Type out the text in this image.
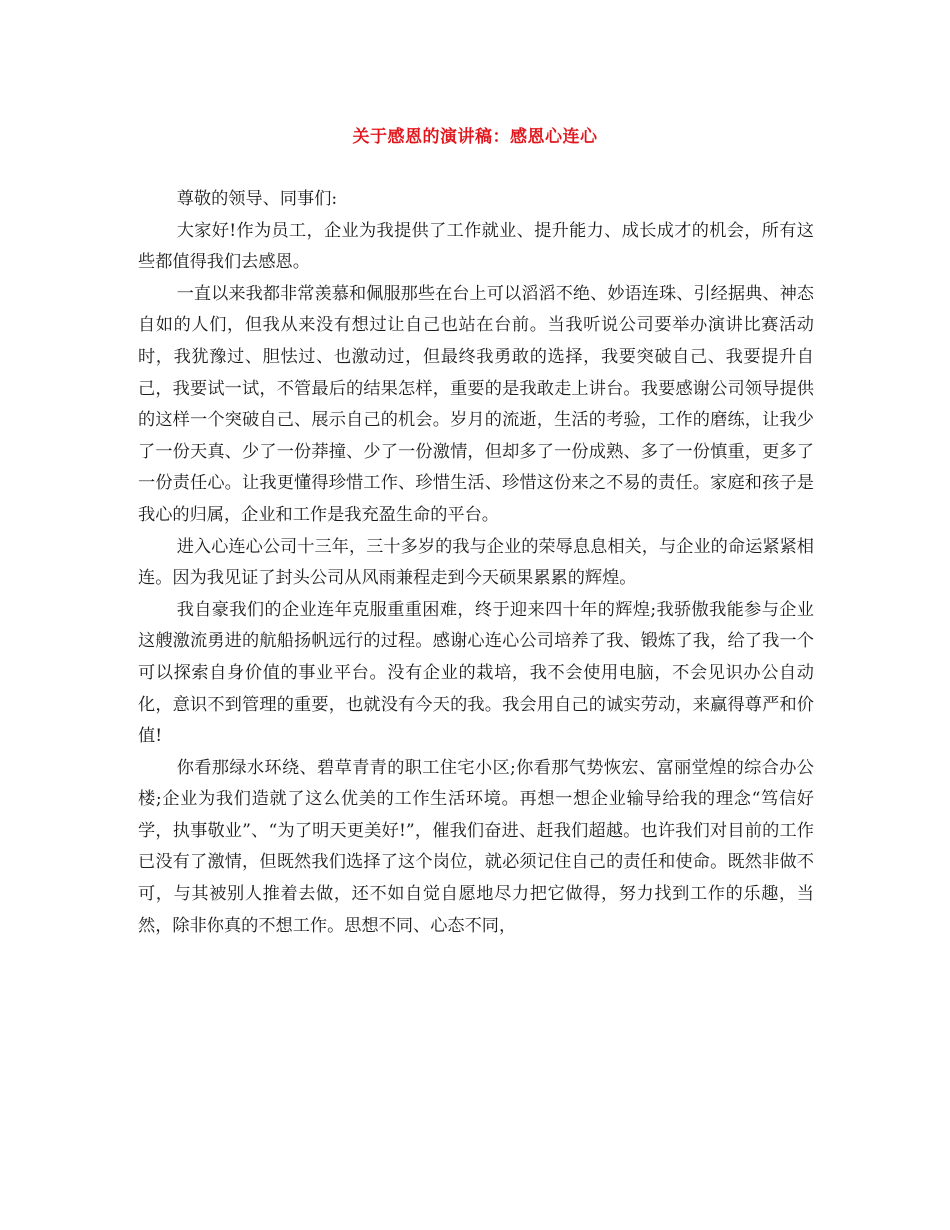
关于感恩的演讲稿：感恩心连心

尊敬的领导、同事们:

大家好!作为员工，企业为我提供了工作就业、提升能力、成长成才的机会，所有这些都值得我们去感恩。

一直以来我都非常羡慕和佩服那些在台上可以滔滔不绝、妙语连珠、引经据典、神态自如的人们，但我从来没有想过让自己也站在台前。当我听说公司要举办演讲比赛活动时，我犹豫过、胆怯过、也激动过，但最终我勇敢的选择，我要突破自己、我要提升自己，我要试一试，不管最后的结果怎样，重要的是我敢走上讲台。我要感谢公司领导提供的这样一个突破自己、展示自己的机会。岁月的流逝，生活的考验，工作的磨练，让我少了一份天真、少了一份莽撞、少了一份激情，但却多了一份成熟、多了一份慎重，更多了一份责任心。让我更懂得珍惜工作、珍惜生活、珍惜这份来之不易的责任。家庭和孩子是我心的归属，企业和工作是我充盈生命的平台。

进入心连心公司十三年，三十多岁的我与企业的荣辱息息相关，与企业的命运紧紧相连。因为我见证了封头公司从风雨兼程走到今天硕果累累的辉煌。

我自豪我们的企业连年克服重重困难，终于迎来四十年的辉煌;我骄傲我能参与企业这艘激流勇进的航船扬帆远行的过程。感谢心连心公司培养了我、锻炼了我，给了我一个可以探索自身价值的事业平台。没有企业的栽培，我不会使用电脑，不会见识办公自动化，意识不到管理的重要，也就没有今天的我。我会用自己的诚实劳动，来赢得尊严和价值!

你看那绿水环绕、碧草青青的职工住宅小区;你看那气势恢宏、富丽堂煌的综合办公楼;企业为我们造就了这么优美的工作生活环境。再想一想企业输导给我的理念“笃信好学，执事敬业”、“为了明天更美好!”，催我们奋进、赶我们超越。也许我们对目前的工作已没有了激情，但既然我们选择了这个岗位，就必须记住自己的责任和使命。既然非做不可，与其被别人推着去做，还不如自觉自愿地尽力把它做得，努力找到工作的乐趣，当然，除非你真的不想工作。思想不同、心态不同，
